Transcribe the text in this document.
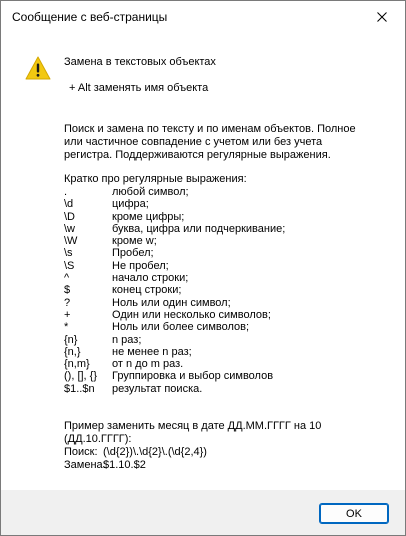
Сообщение с веб-страницы
Замена в текстовых объектах
+ Alt заменять имя объекта
Поиск и замена по тексту и по именам объектов. Полное или частичное совпадение с учетом или без учета регистра. Поддерживаются регулярные выражения.
Кратко про регулярные выражения:
.	любой символ;
\d	цифра;
\D	кроме цифры;
\w	буква, цифра или подчеркивание;
\W	кроме w;
\s	Пробел;
\S	Не пробел;
^	начало строки;
$	конец строки;
?	Ноль или один символ;
+	Один или несколько символов;
*	Ноль или более символов;
{n}	n раз;
{n,}	не менее n раз;
{n,m} от n до m раз.
(), [], {} Группировка и выбор символов
$1..$n результат поиска.
Пример заменить месяц в дате ДД.ММ.ГГГГ на 10 (ДД.10.ГГГГ):
Поиск: (\d{2})\.\d{2}\.(\d{2,4})
Замена:$1.10.$2
OK
